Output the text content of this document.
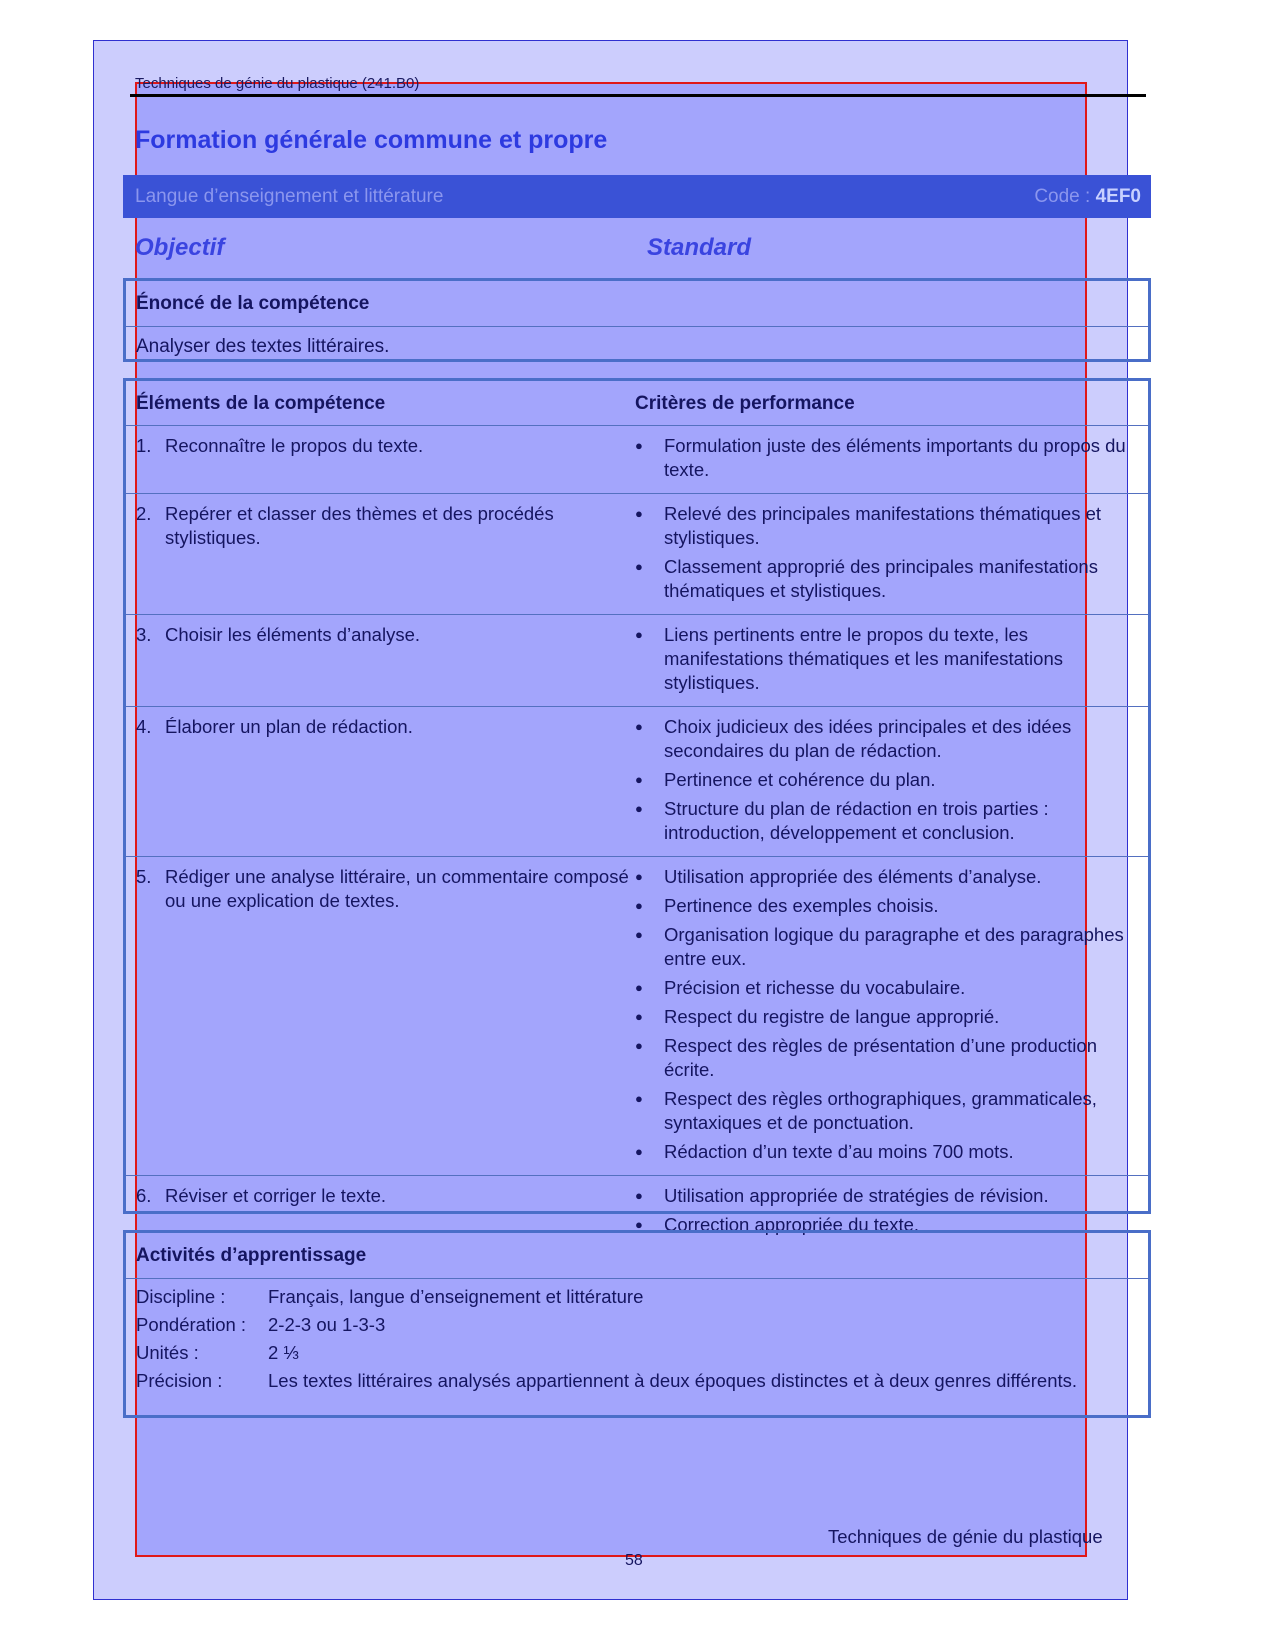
Techniques de génie du plastique (241.B0)
Formation générale commune et propre
Langue d’enseignement et littérature	Code : 4EF0
Objectif	Standard
Énoncé de la compétence
Analyser des textes littéraires.
Éléments de la compétence	Critères de performance
1. Reconnaître le propos du texte.	●	Formulation juste des éléments importants du propos du texte.
2. Repérer et classer des thèmes et des procédés stylistiques.
●	Relevé des principales manifestations thématiques et stylistiques.
●	Classement approprié des principales manifestations thématiques et stylistiques.
3. Choisir les éléments d’analyse.	●	Liens pertinents entre le propos du texte, les manifestations thématiques et les manifestations stylistiques.
4. Élaborer un plan de rédaction.	●	Choix judicieux des idées principales et des idées secondaires du plan de rédaction.
●	Pertinence et cohérence du plan.
●	Structure du plan de rédaction en trois parties : introduction, développement et conclusion.
5. Rédiger une analyse littéraire, un commentaire composé ou une explication de textes.
●	Utilisation appropriée des éléments d’analyse.
●	Pertinence des exemples choisis.
●	Organisation logique du paragraphe et des paragraphes entre eux.
●	Précision et richesse du vocabulaire.
●	Respect du registre de langue approprié.
●	Respect des règles de présentation d’une production écrite.
●	Respect des règles orthographiques, grammaticales, syntaxiques et de ponctuation.
●	Rédaction d’un texte d’au moins 700 mots.
6. Réviser et corriger le texte.	●	Utilisation appropriée de stratégies de révision.
●	Correction appropriée du texte.
Activités d’apprentissage
Discipline :	Français, langue d’enseignement et littérature
Pondération :	2-2-3 ou 1-3-3
Unités :	2 ⅓
Précision :	Les textes littéraires analysés appartiennent à deux époques distinctes et à deux genres différents.
Techniques de génie du plastique
58
